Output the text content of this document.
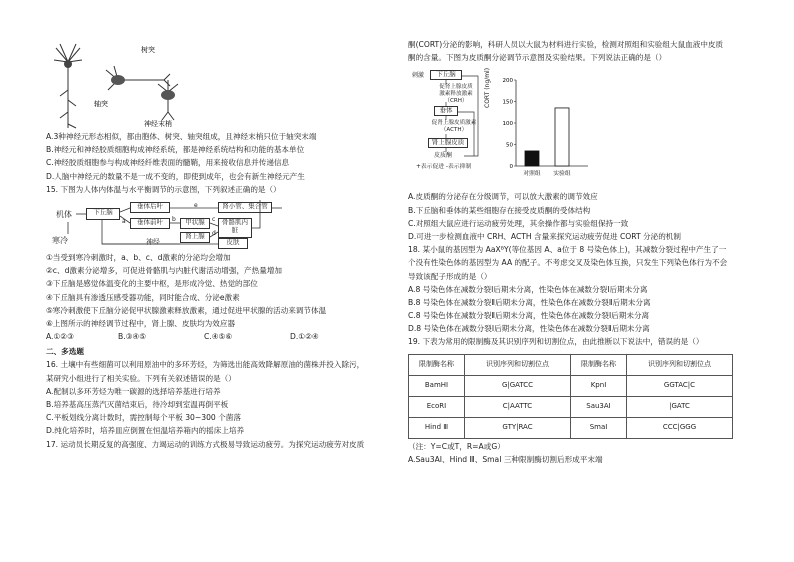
树突
轴突
神经末梢
A.3种神经元形态相似，都由胞体、树突、轴突组成，且神经末梢只位于轴突末端
B.神经元和神经胶质细胞构成神经系统，都是神经系统结构和功能的基本单位
C.神经胶质细胞参与构成神经纤维表面的髓鞘，用来接收信息并传递信息
D.人脑中神经元的数量不是一成不变的，即使到成年，也会有新生神经元产生
15. 下图为人体内体温与水平衡调节的示意图，下列叙述正确的是（）
机体
寒冷
下丘脑
垂体后叶
垂体前叶	甲状腺
肾上腺
肾小管、集合管
骨骼肌内脏
皮肤
神经
a	b	c
d
e
①当受到寒冷刺激时，a、b、c、d激素的分泌均会增加
②c、d激素分泌增多，可促进骨骼肌与内脏代谢活动增强，产热量增加
③下丘脑是感觉体温变化的主要中枢，是形成冷觉、热觉的部位
④下丘脑具有渗透压感受器功能，同时能合成、分泌e激素
⑤寒冷刺激使下丘脑分泌促甲状腺激素释放激素，通过促进甲状腺的活动来调节体温
⑥上图所示的神经调节过程中，肾上腺、皮肤均为效应器
A.①②③	B.③④⑤	C.④⑤⑥	D.①②④
二、多选题
16. 土壤中有些细菌可以利用原油中的多环芳烃，为筛选出能高效降解原油的菌株并投入除污，
某研究小组进行了相关实验。下列有关叙述错误的是（）
A.配制以多环芳烃为唯一碳源的选择培养基进行培养
B.培养基高压蒸汽灭菌结束后，待冷却到室温再倒平板
C.平板划线分离计数时，需控制每个平板 30~300 个菌落
D.纯化培养时，培养皿应倒置在恒温培养箱内的摇床上培养
17. 运动员长期反复的高强度、力竭运动的训练方式极易导致运动疲劳。为探究运动疲劳对皮质
酮(CORT)分泌的影响，科研人员以大鼠为材料进行实验，检测对照组和实验组大鼠血液中皮质
酮的含量。下图为皮质酮分泌调节示意图及实验结果。下列说法正确的是（）
刺激	下丘脑
促肾上腺皮质
激素释放激素
（CRH）
垂体
促肾上腺皮质激素
（ACTH）
肾上腺皮质
皮质酮
+表示促进 -表示抑制
CORT (ng/ml)
0
50
100
150
200
对照组 实验组
A.皮质酮的分泌存在分级调节，可以放大激素的调节效应
B.下丘脑和垂体的某些细胞存在接受皮质酮的受体结构
C.对照组大鼠应进行运动疲劳处理，其余操作都与实验组保持一致
D.可进一步检测血液中 CRH、ACTH 含量来探究运动疲劳促进 CORT 分泌的机制
18. 某小鼠的基因型为 AaXᴮY(等位基因 A、a位于 8 号染色体上)，其减数分裂过程中产生了一
个没有性染色体的基因型为 AA 的配子。不考虑交叉及染色体互换，只发生下列染色体行为不会
导致该配子形成的是（）
A.8 号染色体在减数分裂Ⅰ后期未分离，性染色体在减数分裂Ⅰ后期未分离
B.8 号染色体在减数分裂Ⅱ后期未分离，性染色体在减数分裂Ⅱ后期未分离
C.8 号染色体在减数分裂Ⅱ后期未分离，性染色体在减数分裂Ⅰ后期未分离
D.8 号染色体在减数分裂Ⅰ后期未分离，性染色体在减数分裂Ⅱ后期未分离
19. 下表为常用的限制酶及其识别序列和切割位点，由此推断以下说法中，错误的是（）
限制酶名称	识别序列和切割位点	限制酶名称	识别序列和切割位点
BamHI	G|GATCC	KpnI	GGTAC|C
EcoRI	C|AATTC	Sau3AI	|GATC
Hind Ⅲ	GTY|RAC	SmaI	CCC|GGG
（注：Y=C或T，R=A或G）
A.Sau3AI、Hind Ⅲ、SmaI 三种限制酶切割后形成平末端
